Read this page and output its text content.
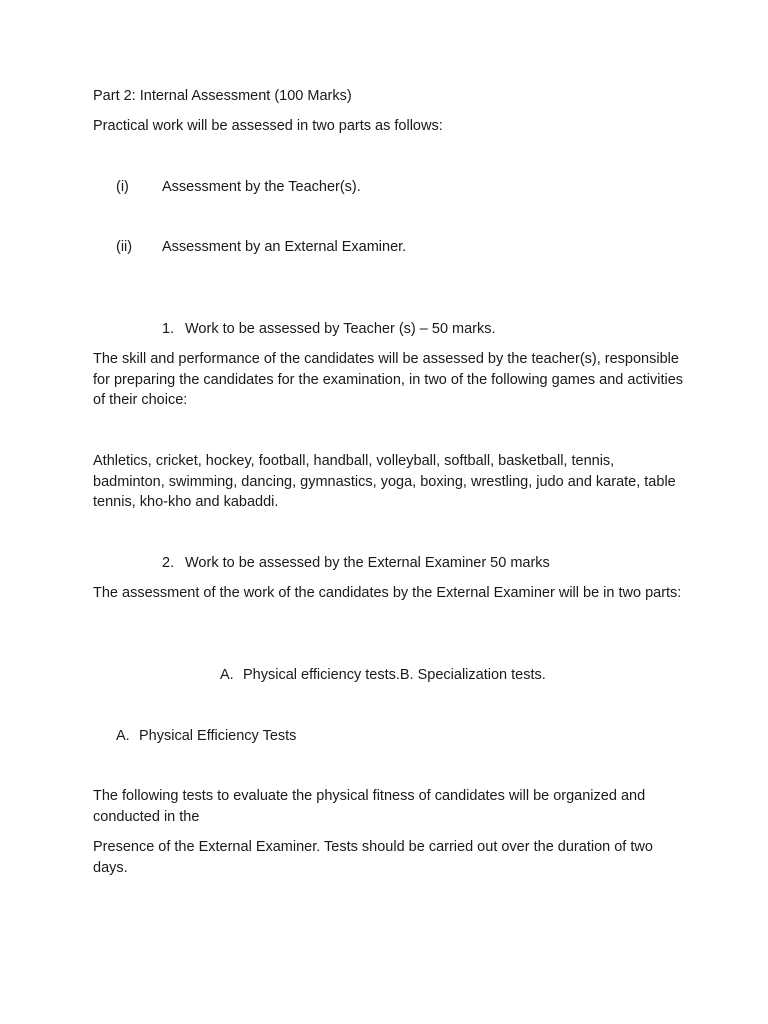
Part 2: Internal Assessment (100 Marks)

Practical work will be assessed in two parts as follows:

(i) Assessment by the Teacher(s).
(ii) Assessment by an External Examiner.
1. Work to be assessed by Teacher (s) – 50 marks.

The skill and performance of the candidates will be assessed by the teacher(s), responsible for preparing the candidates for the examination, in two of the following games and activities of their choice:

Athletics, cricket, hockey, football, handball, volleyball, softball, basketball, tennis, badminton, swimming, dancing, gymnastics, yoga, boxing, wrestling, judo and karate, table tennis, kho-kho and kabaddi.

2. Work to be assessed by the External Examiner 50 marks

The assessment of the work of the candidates by the External Examiner will be in two parts:

A. Physical efficiency tests.B. Specialization tests.
A. Physical Efficiency Tests

The following tests to evaluate the physical fitness of candidates will be organized and conducted in the

Presence of the External Examiner. Tests should be carried out over the duration of two days.
